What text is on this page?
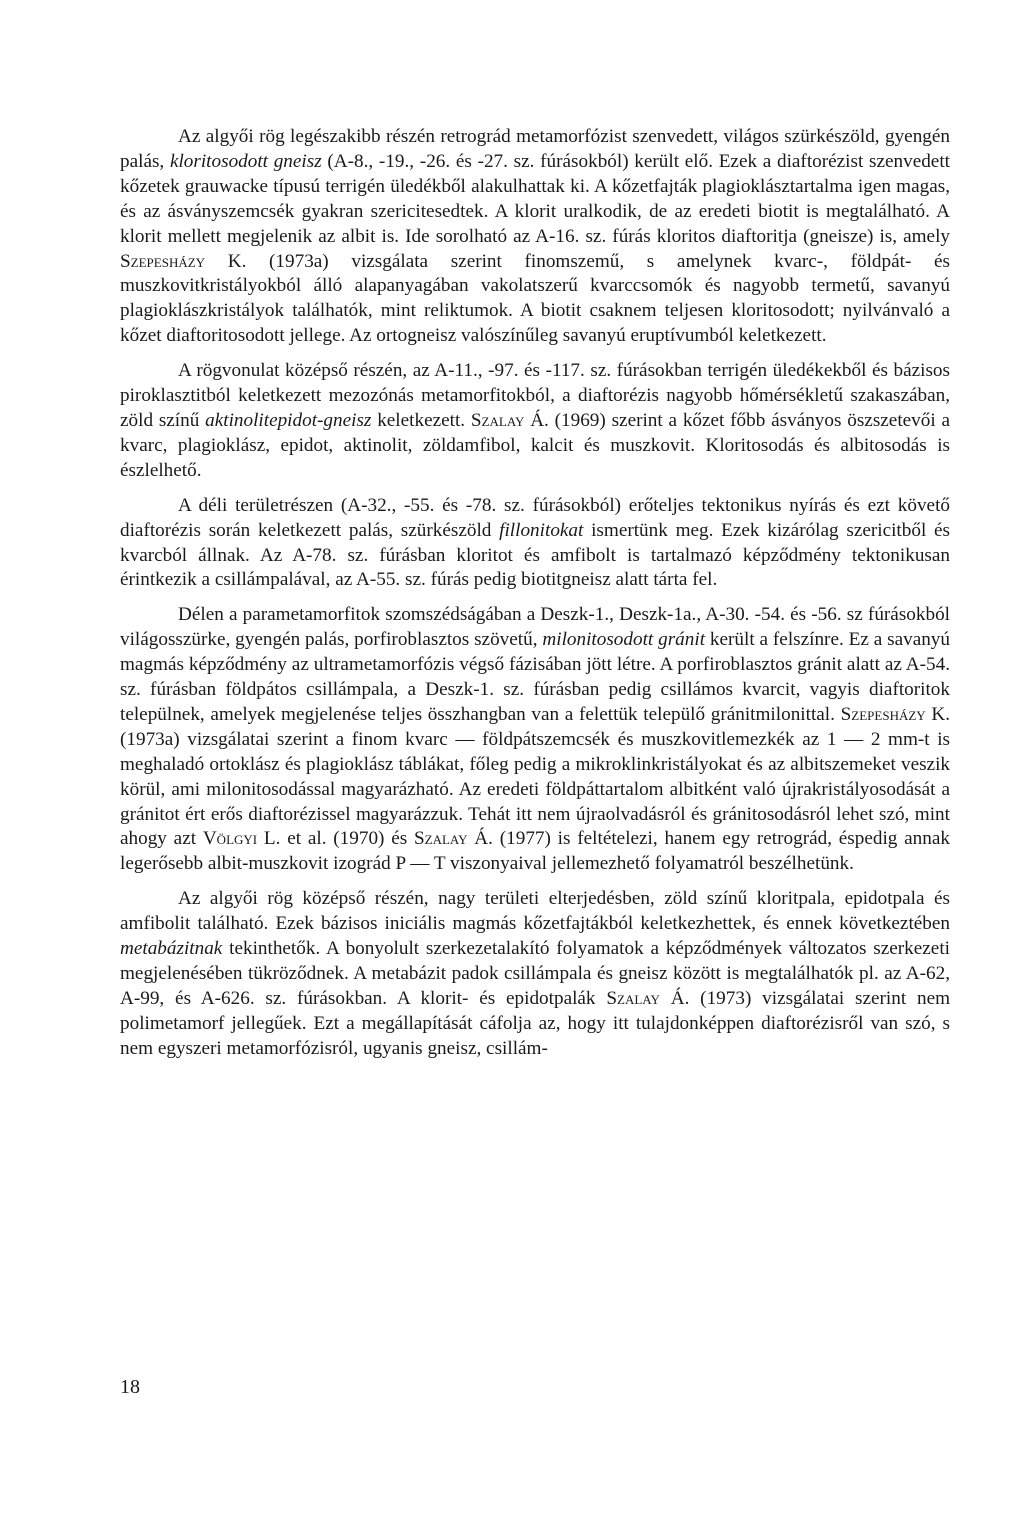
Az algyői rög legészakibb részén retrográd metamorfózist szenvedett, világos szürkészöld, gyengén palás, kloritosodott gneisz (A-8., -19., -26. és -27. sz. fúrásokból) került elő. Ezek a diaftorézist szenvedett kőzetek grauwacke típusú terrigén üledékből alakulhattak ki. A kőzetfajták plagioklásztartalma igen magas, és az ásványszemcsék gyakran szericitesedtek. A klorit uralkodik, de az eredeti biotit is megtalálható. A klorit mellett megjelenik az albit is. Ide sorolható az A-16. sz. fúrás kloritos diaftoritja (gneisze) is, amely Szepesházy K. (1973a) vizsgálata szerint finomszemű, s amelynek kvarc-, földpát- és muszkovitkristályokból álló alapanyagában vakolatszerű kvarccsomók és nagyobb termetű, savanyú plagioklászkristályok találhatók, mint reliktumok. A biotit csaknem teljesen kloritosodott; nyilvánvaló a kőzet diaftoritosodott jellege. Az ortogneisz valószínűleg savanyú eruptívumból keletkezett.

A rögvonulat középső részén, az A-11., -97. és -117. sz. fúrásokban terrigén üledékekből és bázisos piroklasztitból keletkezett mezozónás metamorfitokból, a diaftorézis nagyobb hőmérsékletű szakaszában, zöld színű aktinolitepidot-gneisz keletkezett. Szalay Á. (1969) szerint a kőzet főbb ásványos öszszetevői a kvarc, plagioklász, epidot, aktinolit, zöldamfibol, kalcit és muszkovit. Kloritosodás és albitosodás is észlelhető.

A déli területrészen (A-32., -55. és -78. sz. fúrásokból) erőteljes tektonikus nyírás és ezt követő diaftorézis során keletkezett palás, szürkészöld fillonitokat ismertünk meg. Ezek kizárólag szericitből és kvarcból állnak. Az A-78. sz. fúrásban kloritot és amfibolt is tartalmazó képződmény tektonikusan érintkezik a csillámpalával, az A-55. sz. fúrás pedig biotitgneisz alatt tárta fel.

Délen a parametamorfitok szomszédságában a Deszk-1., Deszk-1a., A-30. -54. és -56. sz fúrásokból világosszürke, gyengén palás, porfiroblasztos szövetű, milonitosodott gránit került a felszínre. Ez a savanyú magmás képződmény az ultrametamorfózis végső fázisában jött létre. A porfiroblasztos gránit alatt az A-54. sz. fúrásban földpátos csillámpala, a Deszk-1. sz. fúrásban pedig csillámos kvarcit, vagyis diaftoritok települnek, amelyek megjelenése teljes összhangban van a felettük települő gránitmilonittal. Szepesházy K. (1973a) vizsgálatai szerint a finom kvarc — földpátszemcsék és muszkovitlemezkék az 1 — 2 mm-t is meghaladó ortoklász és plagioklász táblákat, főleg pedig a mikroklinkristályokat és az albitszemeket veszik körül, ami milonitosodással magyarázható. Az eredeti földpáttartalom albitként való újrakristályosodását a gránitot ért erős diaftorézissel magyarázzuk. Tehát itt nem újraolvadásról és gránitosodásról lehet szó, mint ahogy azt Völgyi L. et al. (1970) és Szalay Á. (1977) is feltételezi, hanem egy retrográd, éspedig annak legerősebb albit-muszkovit izográd P — T viszonyaival jellemezhető folyamatról beszélhetünk.

Az algyői rög középső részén, nagy területi elterjedésben, zöld színű kloritpala, epidotpala és amfibolit található. Ezek bázisos iniciális magmás kőzetfajtákból keletkezhettek, és ennek következtében metabázitnak tekinthetők. A bonyolult szerkezetalakító folyamatok a képződmények változatos szerkezeti megjelenésében tükröződnek. A metabázit padok csillámpala és gneisz között is megtalálhatók pl. az A-62, A-99, és A-626. sz. fúrásokban. A klorit- és epidotpalák Szalay Á. (1973) vizsgálatai szerint nem polimetamorf jellegűek. Ezt a megállapítását cáfolja az, hogy itt tulajdonképpen diaftorézisről van szó, s nem egyszeri metamorfózisról, ugyanis gneisz, csillám-

18
